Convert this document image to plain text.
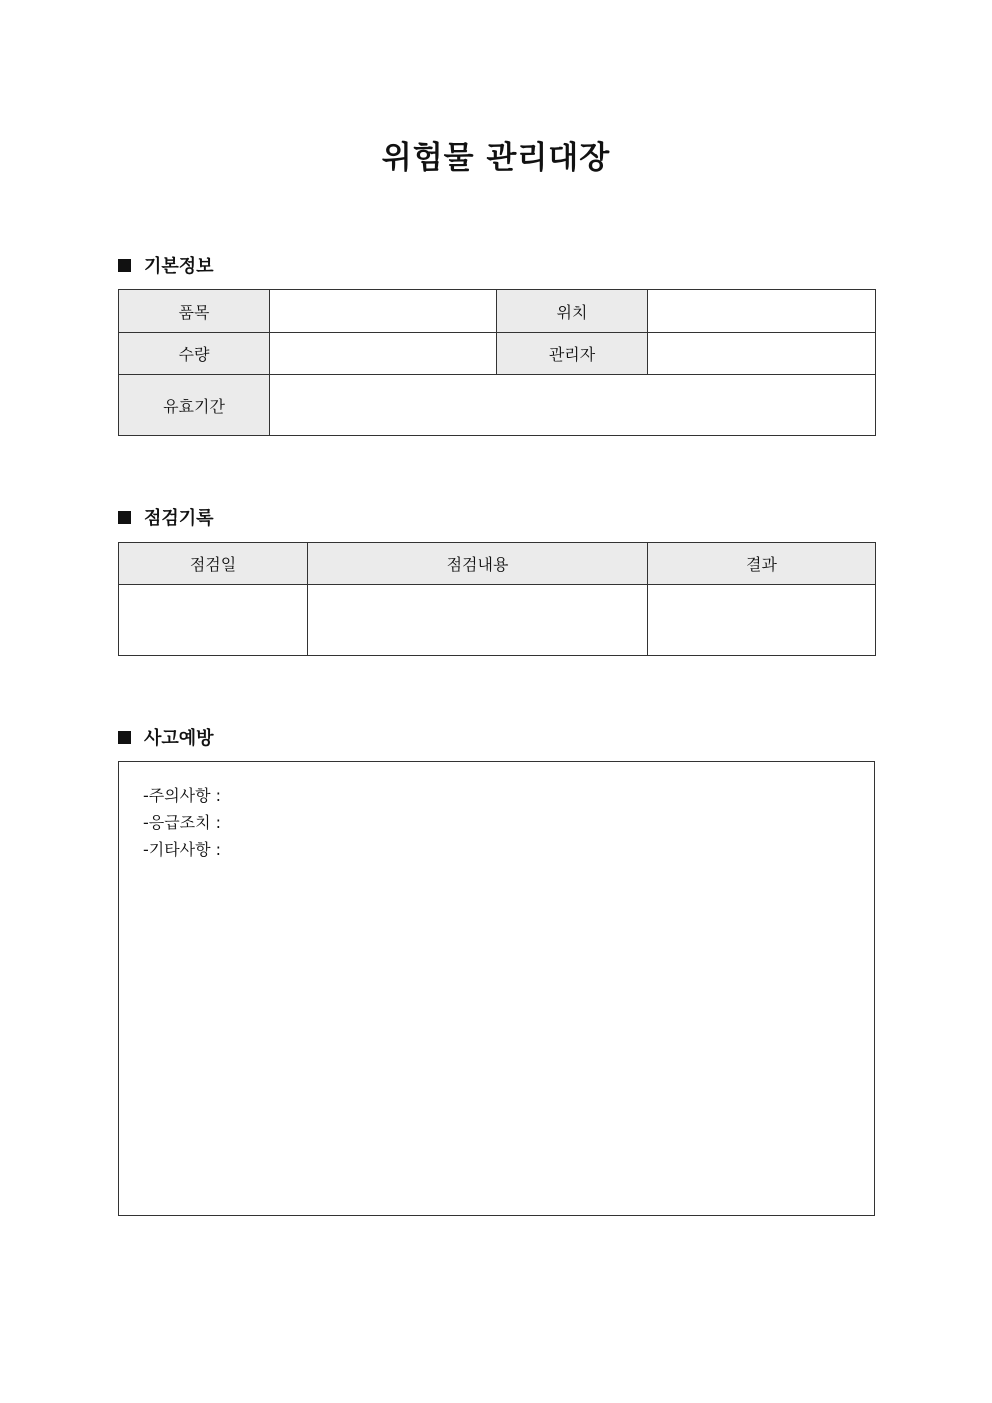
위험물 관리대장
기본정보
품목		위치	
수량		관리자	
유효기간			
점검기록
점검일	점검내용	결과

사고예방
-주의사항 :
-응급조치 :
-기타사항 :
